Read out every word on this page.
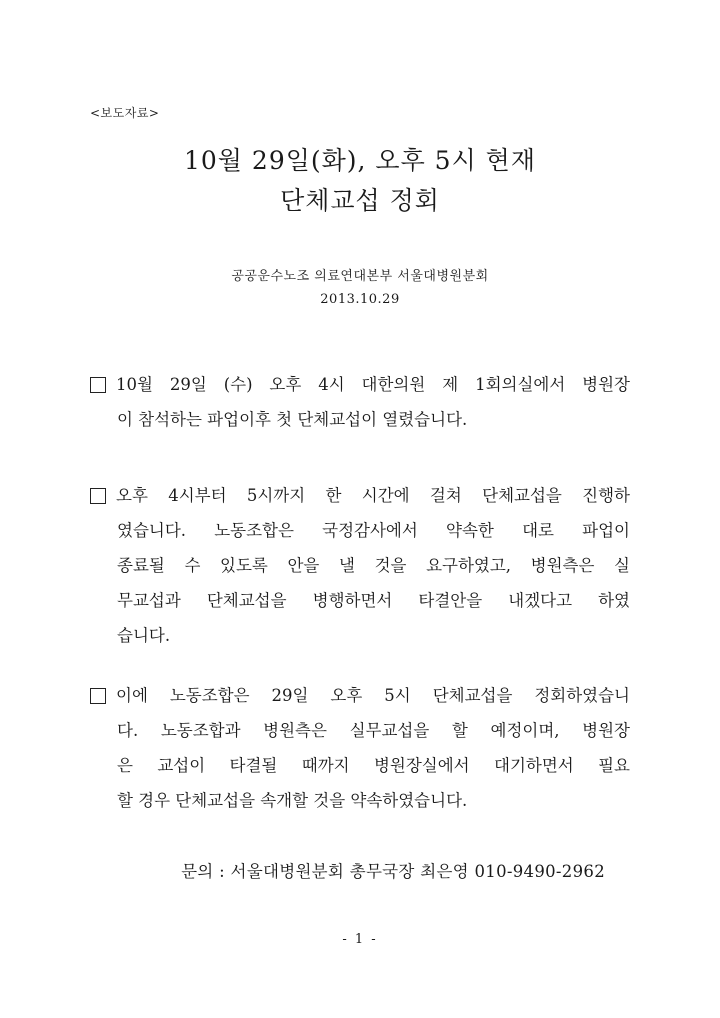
<보도자료>
10월 29일(화), 오후 5시 현재
단체교섭 정회
공공운수노조 의료연대본부 서울대병원분회
2013.10.29
10월 29일 (수) 오후 4시 대한의원 제 1회의실에서 병원장
이 참석하는 파업이후 첫 단체교섭이 열렸습니다.
오후 4시부터 5시까지 한 시간에 걸쳐 단체교섭을 진행하
였습니다. 노동조합은 국정감사에서 약속한 대로 파업이
종료될 수 있도록 안을 낼 것을 요구하였고, 병원측은 실
무교섭과 단체교섭을 병행하면서 타결안을 내겠다고 하였
습니다.
이에 노동조합은 29일 오후 5시 단체교섭을 정회하였습니
다. 노동조합과 병원측은 실무교섭을 할 예정이며, 병원장
은 교섭이 타결될 때까지 병원장실에서 대기하면서 필요
할 경우 단체교섭을 속개할 것을 약속하였습니다.
문의 : 서울대병원분회 총무국장 최은영 010-9490-2962
- 1 -
